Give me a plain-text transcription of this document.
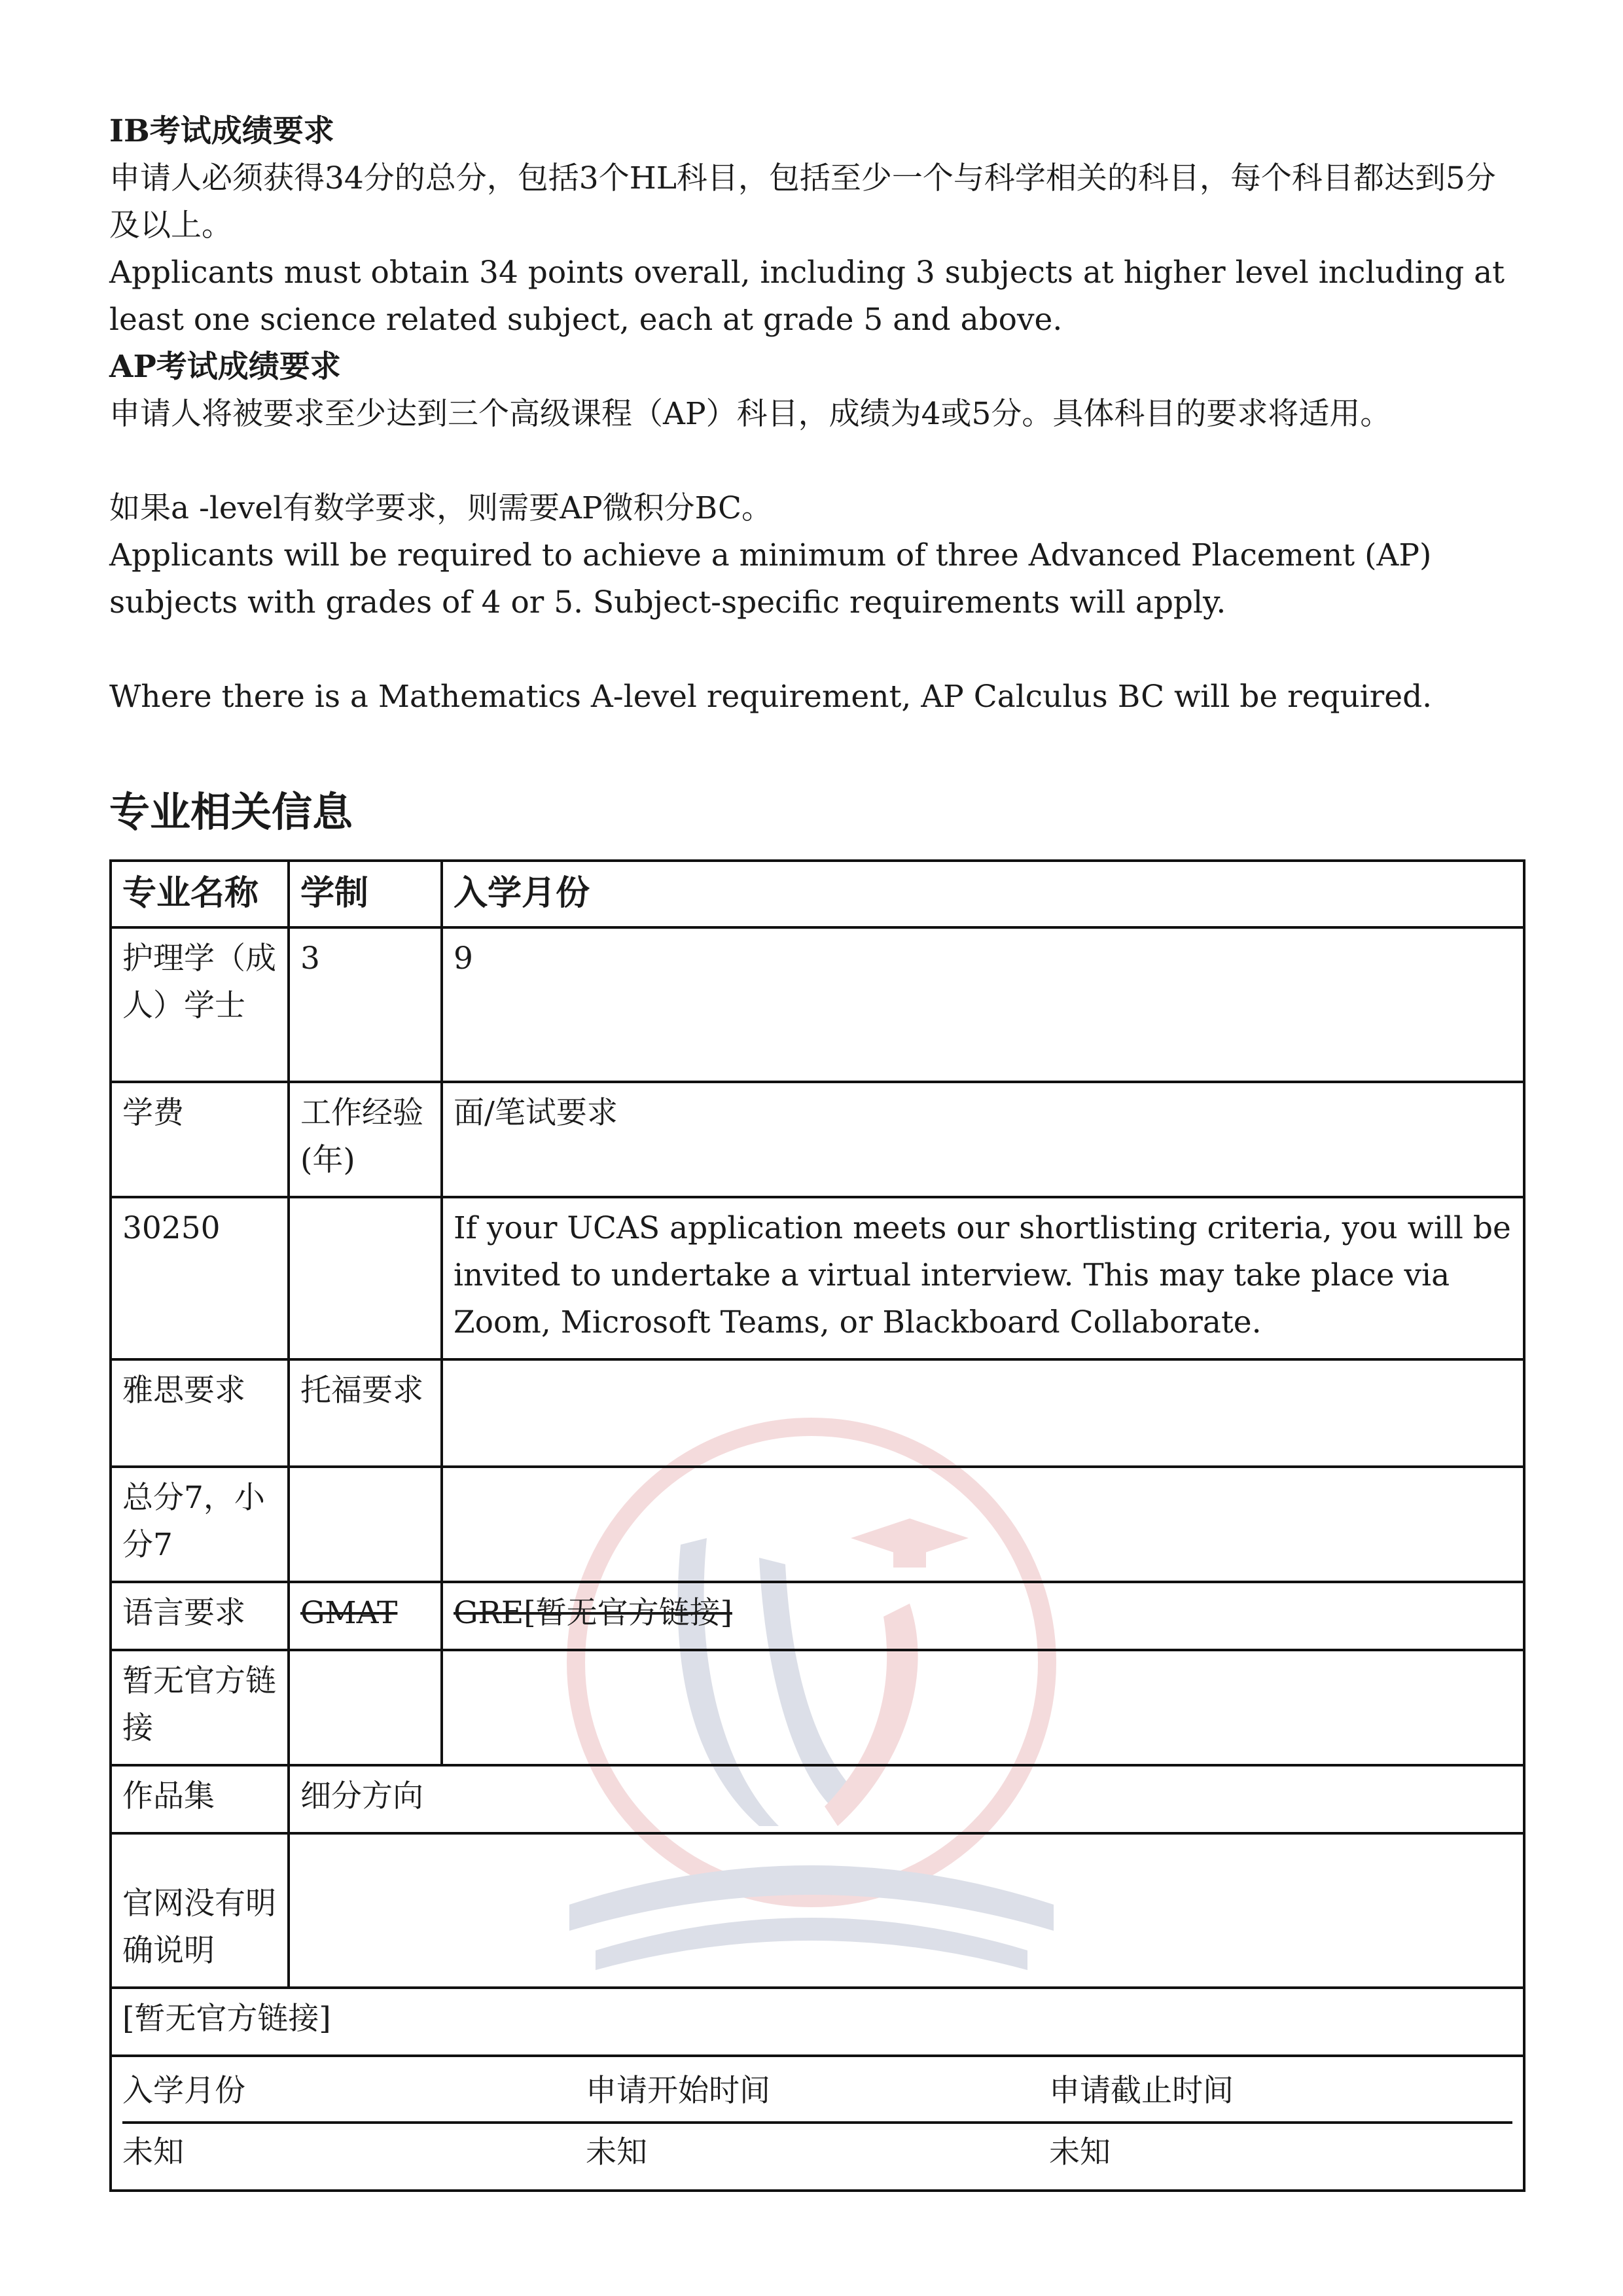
IB考试成绩要求

申请人必须获得34分的总分，包括3个HL科目，包括至少一个与科学相关的科目，每个科目都达到5分及以上。

Applicants must obtain 34 points overall, including 3 subjects at higher level including at least one science related subject, each at grade 5 and above.

AP考试成绩要求

申请人将被要求至少达到三个高级课程（AP）科目，成绩为4或5分。具体科目的要求将适用。

如果a -level有数学要求，则需要AP微积分BC。

Applicants will be required to achieve a minimum of three Advanced Placement (AP) subjects with grades of 4 or 5. Subject-specific requirements will apply.

Where there is a Mathematics A-level requirement, AP Calculus BC will be required.

专业相关信息
专业名称	学制	入学月份
护理学（成人）学士	3	9
学费	工作经验(年)	面/笔试要求
30250		If your UCAS application meets our shortlisting criteria, you will be invited to undertake a virtual interview. This may take place via Zoom, Microsoft Teams, or Blackboard Collaborate.
雅思要求	托福要求	
总分7，小分7		
语言要求	GMAT	GRE[暂无官方链接]
暂无官方链接		
作品集	细分方向
官网没有明确说明	
[暂无官方链接]

入学月份	申请开始时间	申请截止时间
未知	未知	未知
